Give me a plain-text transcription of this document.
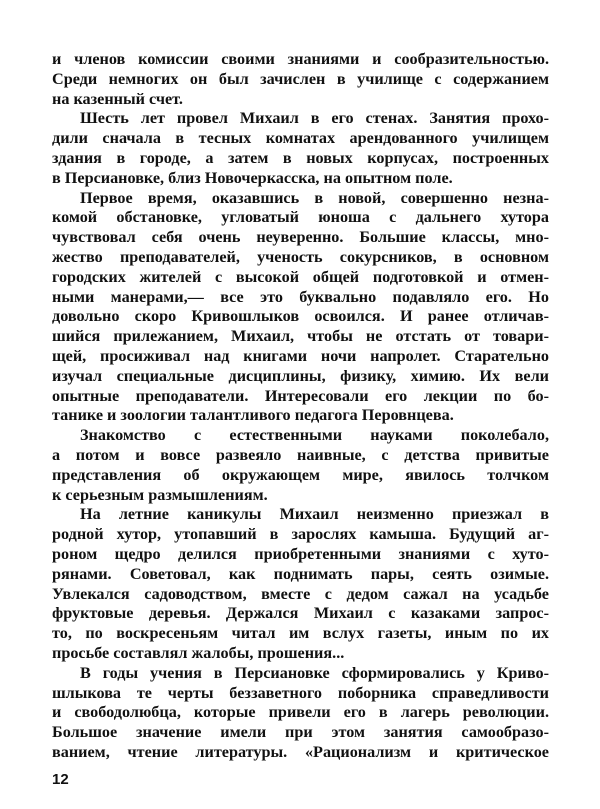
и членов комиссии своими знаниями и сообразительностью.
Среди немногих он был зачислен в училище с содержанием
на казенный счет.
Шесть лет провел Михаил в его стенах. Занятия прохо-
дили сначала в тесных комнатах арендованного училищем
здания в городе, а затем в новых корпусах, построенных
в Персиановке, близ Новочеркасска, на опытном поле.
Первое время, оказавшись в новой, совершенно незна-
комой обстановке, угловатый юноша с дальнего хутора
чувствовал себя очень неуверенно. Большие классы, мно-
жество преподавателей, ученость сокурсников, в основном
городских жителей с высокой общей подготовкой и отмен-
ными манерами,— все это буквально подавляло его. Но
довольно скоро Кривошлыков освоился. И ранее отличав-
шийся прилежанием, Михаил, чтобы не отстать от товари-
щей, просиживал над книгами ночи напролет. Старательно
изучал специальные дисциплины, физику, химию. Их вели
опытные преподаватели. Интересовали его лекции по бо-
танике и зоологии талантливого педагога Перовнцева.
Знакомство с естественными науками поколебало,
а потом и вовсе развеяло наивные, с детства привитые
представления об окружающем мире, явилось толчком
к серьезным размышлениям.
На летние каникулы Михаил неизменно приезжал в
родной хутор, утопавший в зарослях камыша. Будущий аг-
роном щедро делился приобретенными знаниями с хуто-
рянами. Советовал, как поднимать пары, сеять озимые.
Увлекался садоводством, вместе с дедом сажал на усадьбе
фруктовые деревья. Держался Михаил с казаками запрос-
то, по воскресеньям читал им вслух газеты, иным по их
просьбе составлял жалобы, прошения...
В годы учения в Персиановке сформировались у Криво-
шлыкова те черты беззаветного поборника справедливости
и свободолюбца, которые привели его в лагерь революции.
Большое значение имели при этом занятия самообразо-
ванием, чтение литературы. «Рационализм и критическое
12
